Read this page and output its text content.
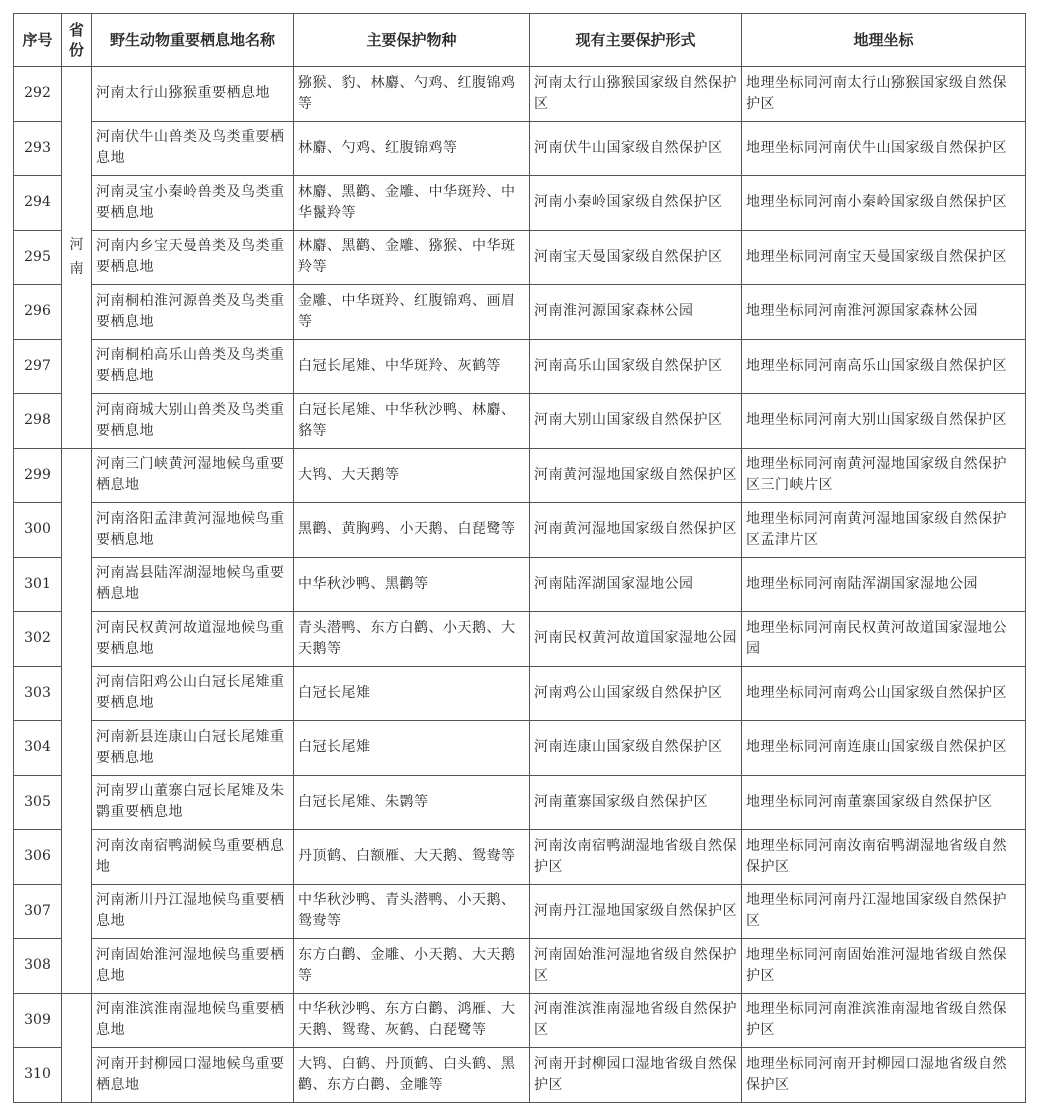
序号	省份	野生动物重要栖息地名称	主要保护物种	现有主要保护形式	地理坐标
292	河南	河南太行山猕猴重要栖息地	猕猴、豹、林麝、勺鸡、红腹锦鸡等	河南太行山猕猴国家级自然保护区	地理坐标同河南太行山猕猴国家级自然保护区
293		河南伏牛山兽类及鸟类重要栖息地	林麝、勺鸡、红腹锦鸡等	河南伏牛山国家级自然保护区	地理坐标同河南伏牛山国家级自然保护区
294		河南灵宝小秦岭兽类及鸟类重要栖息地	林麝、黑鹳、金雕、中华斑羚、中华鬣羚等	河南小秦岭国家级自然保护区	地理坐标同河南小秦岭国家级自然保护区
295		河南内乡宝天曼兽类及鸟类重要栖息地	林麝、黑鹳、金雕、猕猴、中华斑羚等	河南宝天曼国家级自然保护区	地理坐标同河南宝天曼国家级自然保护区
296		河南桐柏淮河源兽类及鸟类重要栖息地	金雕、中华斑羚、红腹锦鸡、画眉等	河南淮河源国家森林公园	地理坐标同河南淮河源国家森林公园
297		河南桐柏高乐山兽类及鸟类重要栖息地	白冠长尾雉、中华斑羚、灰鹤等	河南高乐山国家级自然保护区	地理坐标同河南高乐山国家级自然保护区
298		河南商城大别山兽类及鸟类重要栖息地	白冠长尾雉、中华秋沙鸭、林麝、貉等	河南大别山国家级自然保护区	地理坐标同河南大别山国家级自然保护区
299		河南三门峡黄河湿地候鸟重要栖息地	大鸨、大天鹅等	河南黄河湿地国家级自然保护区	地理坐标同河南黄河湿地国家级自然保护区三门峡片区
300		河南洛阳孟津黄河湿地候鸟重要栖息地	黑鹳、黄胸鹀、小天鹅、白琵鹭等	河南黄河湿地国家级自然保护区	地理坐标同河南黄河湿地国家级自然保护区孟津片区
301		河南嵩县陆浑湖湿地候鸟重要栖息地	中华秋沙鸭、黑鹳等	河南陆浑湖国家湿地公园	地理坐标同河南陆浑湖国家湿地公园
302		河南民权黄河故道湿地候鸟重要栖息地	青头潜鸭、东方白鹳、小天鹅、大天鹅等	河南民权黄河故道国家湿地公园	地理坐标同河南民权黄河故道国家湿地公园
303		河南信阳鸡公山白冠长尾雉重要栖息地	白冠长尾雉	河南鸡公山国家级自然保护区	地理坐标同河南鸡公山国家级自然保护区
304		河南新县连康山白冠长尾雉重要栖息地	白冠长尾雉	河南连康山国家级自然保护区	地理坐标同河南连康山国家级自然保护区
305		河南罗山董寨白冠长尾雉及朱鹮重要栖息地	白冠长尾雉、朱鹮等	河南董寨国家级自然保护区	地理坐标同河南董寨国家级自然保护区
306		河南汝南宿鸭湖候鸟重要栖息地	丹顶鹤、白额雁、大天鹅、鸳鸯等	河南汝南宿鸭湖湿地省级自然保护区	地理坐标同河南汝南宿鸭湖湿地省级自然保护区
307		河南淅川丹江湿地候鸟重要栖息地	中华秋沙鸭、青头潜鸭、小天鹅、鸳鸯等	河南丹江湿地国家级自然保护区	地理坐标同河南丹江湿地国家级自然保护区
308		河南固始淮河湿地候鸟重要栖息地	东方白鹳、金雕、小天鹅、大天鹅等	河南固始淮河湿地省级自然保护区	地理坐标同河南固始淮河湿地省级自然保护区
309		河南淮滨淮南湿地候鸟重要栖息地	中华秋沙鸭、东方白鹳、鸿雁、大天鹅、鸳鸯、灰鹤、白琵鹭等	河南淮滨淮南湿地省级自然保护区	地理坐标同河南淮滨淮南湿地省级自然保护区
310		河南开封柳园口湿地候鸟重要栖息地	大鸨、白鹤、丹顶鹤、白头鹤、黑鹳、东方白鹳、金雕等	河南开封柳园口湿地省级自然保护区	地理坐标同河南开封柳园口湿地省级自然保护区
